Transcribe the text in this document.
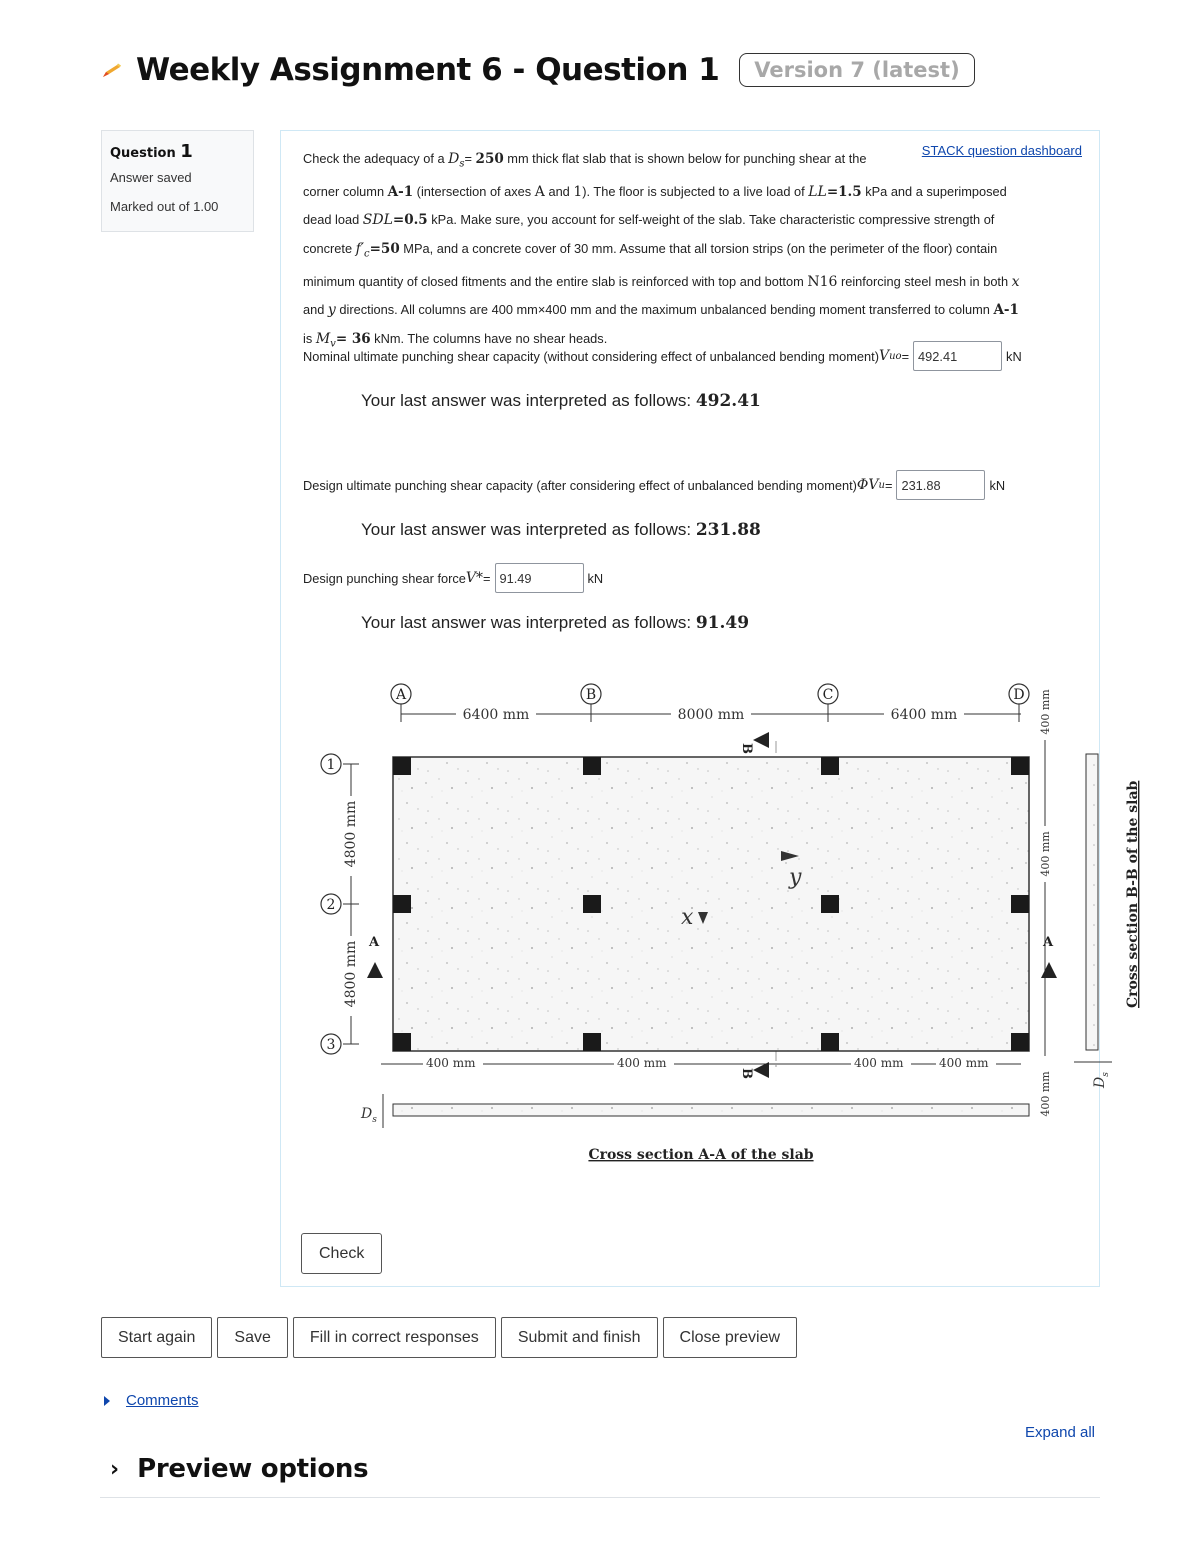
Weekly Assignment 6 - Question 1	Version 7 (latest)
Question 1
Answer saved
Marked out of 1.00
STACK question dashboard
Check the adequacy of a $D_s= 250$ mm thick flat slab that is shown below for punching shear at the
corner column A-1 (intersection of axes A and 1). The floor is subjected to a live load of LL=1.5 kPa and a superimposed
dead load SDL=0.5 kPa. Make sure, you account for self-weight of the slab. Take characteristic compressive strength of
concrete $f'_c=50$ MPa, and a concrete cover of 30 mm. Assume that all torsion strips (on the perimeter of the floor) contain
minimum quantity of closed fitments and the entire slab is reinforced with top and bottom N16 reinforcing steel mesh in both x
and y directions. All columns are 400 mm×400 mm and the maximum unbalanced bending moment transferred to column A-1
is $M_v= 36$ kNm. The columns have no shear heads.
Nominal ultimate punching shear capacity (without considering effect of unbalanced bending moment) V uo =
492.41	kN
Your last answer was interpreted as follows: 492.41
Design ultimate punching shear capacity (after considering effect of unbalanced bending moment) ΦV u =
231.88	kN
Your last answer was interpreted as follows: 231.88
Design punching shear force V* =
91.49	kN
Your last answer was interpreted as follows: 91.49
A	B	C	D
1
2
3
6400 mm	8000 mm	6400 mm
4800 mm
4800 mm
400 mm	400 mm	400 mm	400 mm
400 mm
400 mm
400 mm
B
B
A	A
x
y
$D_s$
Cross section A-A of the slab
Check
$D_s$
Cross section B-B of the slab
Start again	Save	Fill in correct responses	Submit and finish	Close preview
Comments
Expand all
› Preview options
